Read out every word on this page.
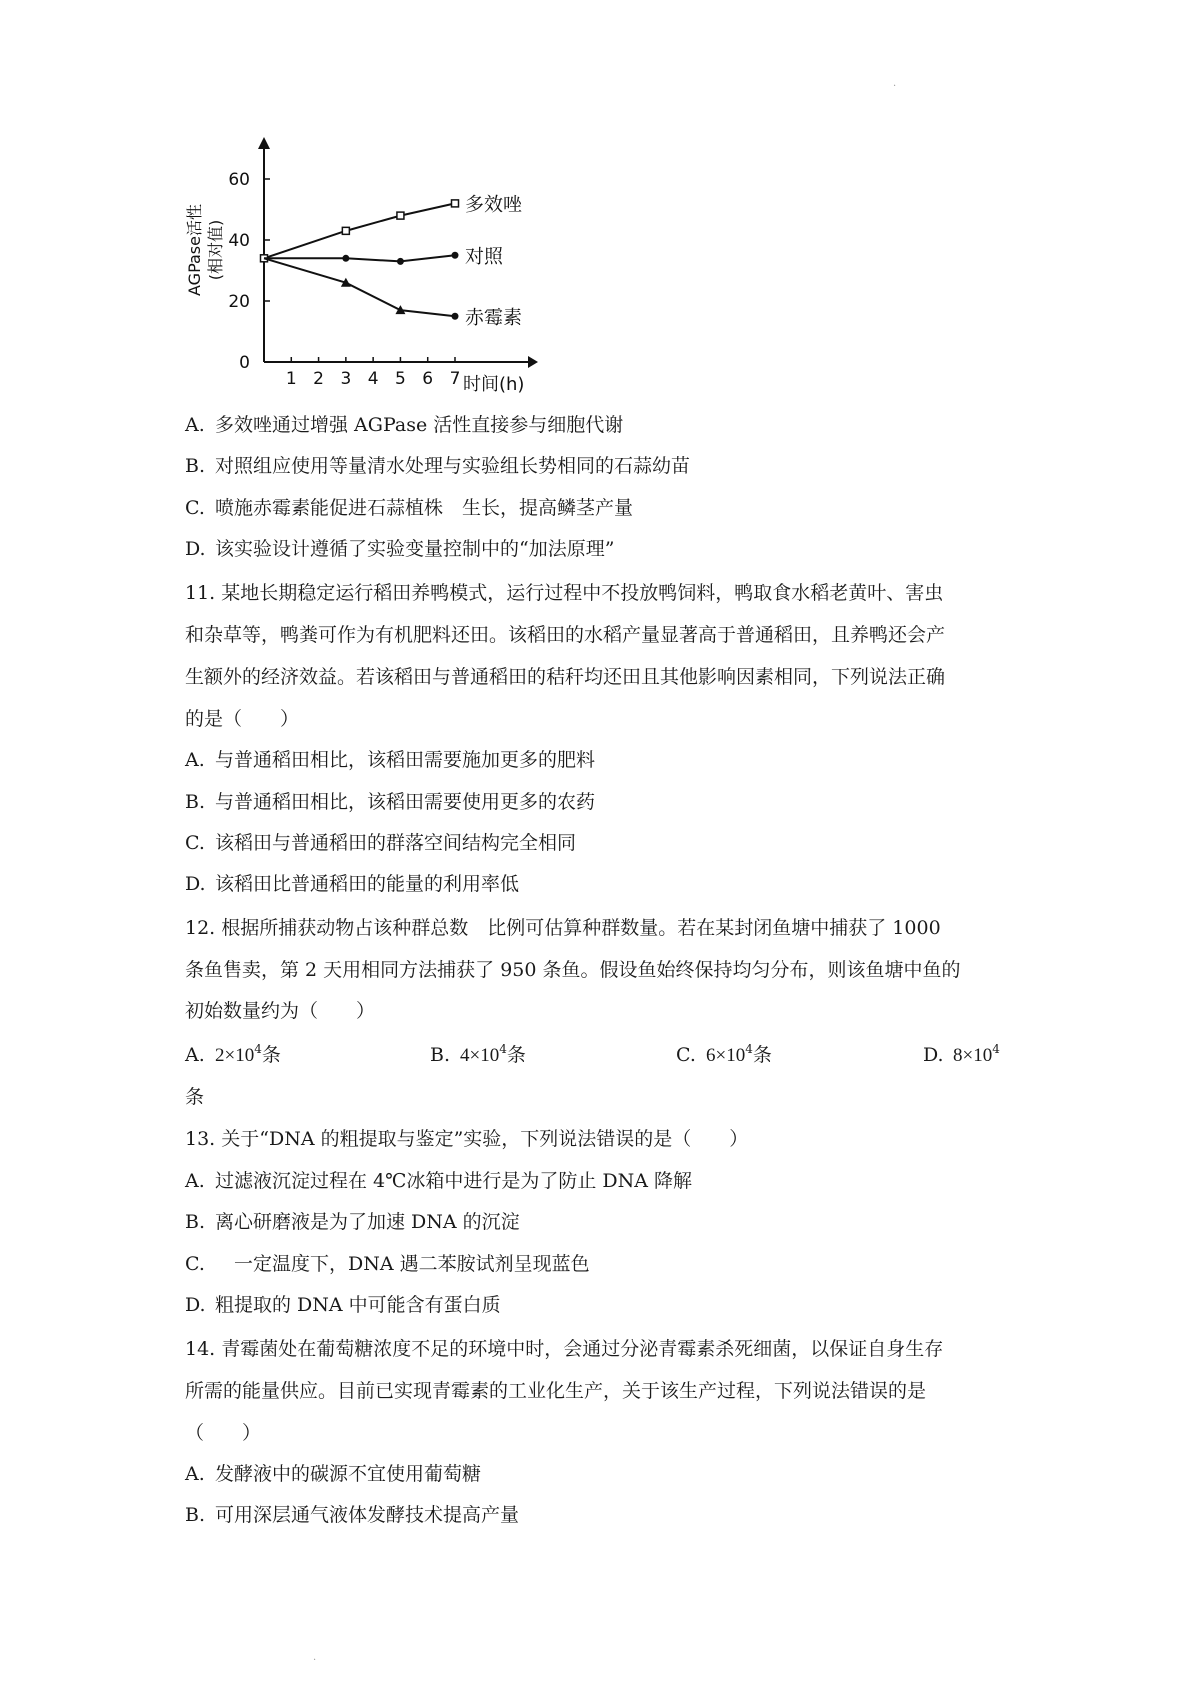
.
0
20
40
60
1 2 3 4 5 6 7 时间(h)
AGPase活性 (相对值)
多效唑
对照
赤霉素
A. 多效唑通过增强 AGPase 活性直接参与细胞代谢
B. 对照组应使用等量清水处理与实验组长势相同的石蒜幼苗
C. 喷施赤霉素能促进石蒜植株　生长，提高鳞茎产量
D. 该实验设计遵循了实验变量控制中的“加法原理”
11. 某地长期稳定运行稻田养鸭模式，运行过程中不投放鸭饲料，鸭取食水稻老黄叶、害虫
和杂草等，鸭粪可作为有机肥料还田。该稻田的水稻产量显著高于普通稻田，且养鸭还会产
生额外的经济效益。若该稻田与普通稻田的秸秆均还田且其他影响因素相同，下列说法正确
的是（　　）
A. 与普通稻田相比，该稻田需要施加更多的肥料
B. 与普通稻田相比，该稻田需要使用更多的农药
C. 该稻田与普通稻田的群落空间结构完全相同
D. 该稻田比普通稻田的能量的利用率低
12. 根据所捕获动物占该种群总数　比例可估算种群数量。若在某封闭鱼塘中捕获了 1000
条鱼售卖，第 2 天用相同方法捕获了 950 条鱼。假设鱼始终保持均匀分布，则该鱼塘中鱼的
初始数量约为（　　）
A. $2\times 10^4$条	B. $4\times 10^4$条	C. $6\times 10^4$条	D. $8\times 10^4$
条
13. 关于“DNA 的粗提取与鉴定”实验，下列说法错误的是（　　）
A. 过滤液沉淀过程在 4℃冰箱中进行是为了防止 DNA 降解
B. 离心研磨液是为了加速 DNA 的沉淀
C.　一定温度下，DNA 遇二苯胺试剂呈现蓝色
D. 粗提取的 DNA 中可能含有蛋白质
14. 青霉菌处在葡萄糖浓度不足的环境中时，会通过分泌青霉素杀死细菌，以保证自身生存
所需的能量供应。目前已实现青霉素的工业化生产，关于该生产过程，下列说法错误的是
（　　）
A. 发酵液中的碳源不宜使用葡萄糖
B. 可用深层通气液体发酵技术提高产量
.
